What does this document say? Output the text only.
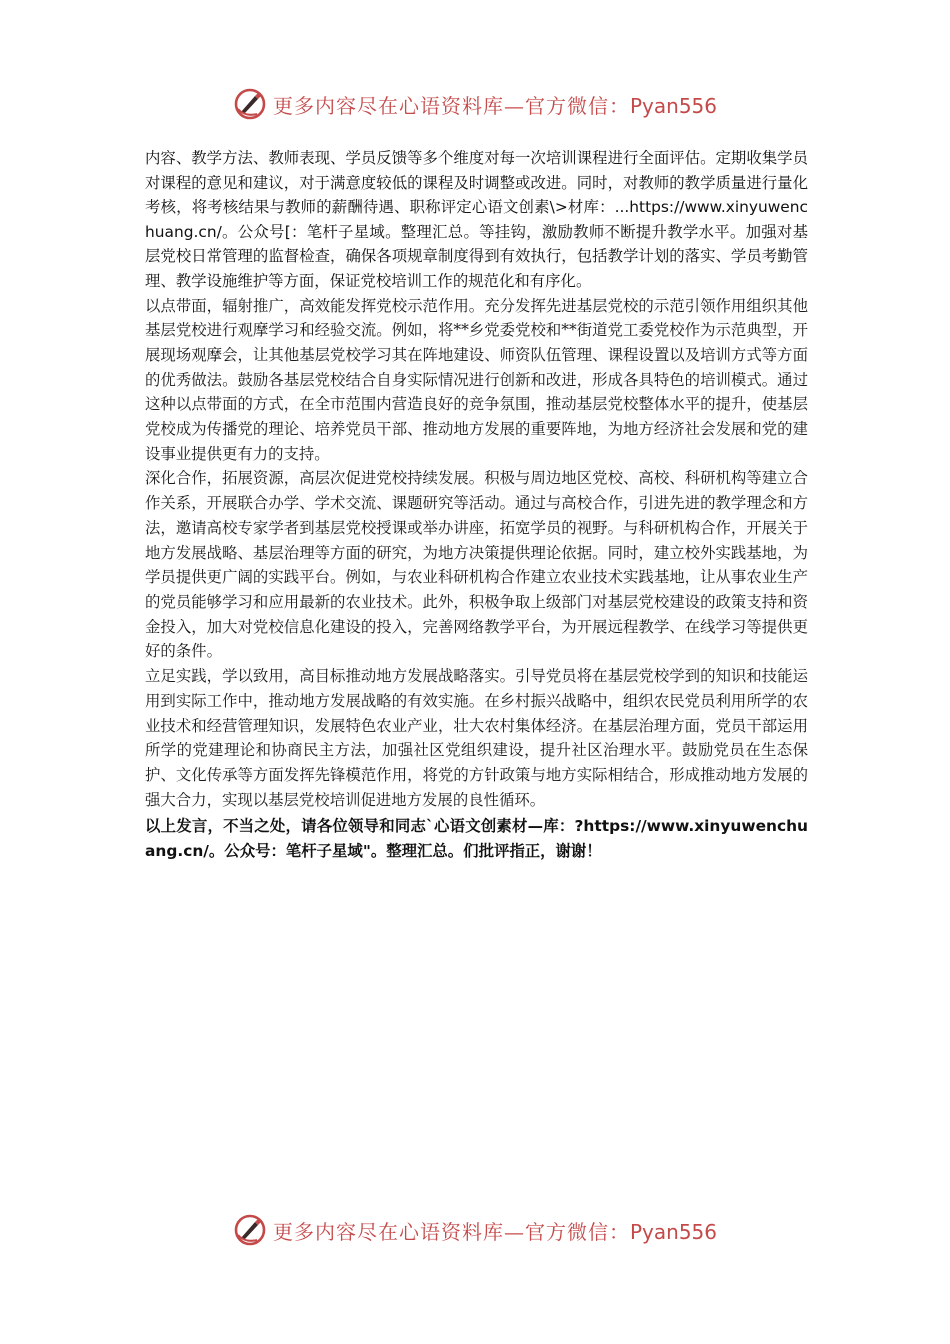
更多内容尽在心语资料库—官方微信：Pyan556

内容、教学方法、教师表现、学员反馈等多个维度对每一次培训课程进行全面评估。定期收集学员对课程的意见和建议，对于满意度较低的课程及时调整或改进。同时，对教师的教学质量进行量化考核，将考核结果与教师的薪酬待遇、职称评定心语文创素\>材库：...https://www.xinyuwenchuang.cn/。公众号[：笔杆子星域。整理汇总。等挂钩，激励教师不断提升教学水平。加强对基层党校日常管理的监督检查，确保各项规章制度得到有效执行，包括教学计划的落实、学员考勤管理、教学设施维护等方面，保证党校培训工作的规范化和有序化。

以点带面，辐射推广，高效能发挥党校示范作用。充分发挥先进基层党校的示范引领作用组织其他基层党校进行观摩学习和经验交流。例如，将**乡党委党校和**街道党工委党校作为示范典型，开展现场观摩会，让其他基层党校学习其在阵地建设、师资队伍管理、课程设置以及培训方式等方面的优秀做法。鼓励各基层党校结合自身实际情况进行创新和改进，形成各具特色的培训模式。通过这种以点带面的方式，在全市范围内营造良好的竞争氛围，推动基层党校整体水平的提升，使基层党校成为传播党的理论、培养党员干部、推动地方发展的重要阵地，为地方经济社会发展和党的建设事业提供更有力的支持。

深化合作，拓展资源，高层次促进党校持续发展。积极与周边地区党校、高校、科研机构等建立合作关系，开展联合办学、学术交流、课题研究等活动。通过与高校合作，引进先进的教学理念和方法，邀请高校专家学者到基层党校授课或举办讲座，拓宽学员的视野。与科研机构合作，开展关于地方发展战略、基层治理等方面的研究，为地方决策提供理论依据。同时，建立校外实践基地，为学员提供更广阔的实践平台。例如，与农业科研机构合作建立农业技术实践基地，让从事农业生产的党员能够学习和应用最新的农业技术。此外，积极争取上级部门对基层党校建设的政策支持和资金投入，加大对党校信息化建设的投入，完善网络教学平台，为开展远程教学、在线学习等提供更好的条件。

立足实践，学以致用，高目标推动地方发展战略落实。引导党员将在基层党校学到的知识和技能运用到实际工作中，推动地方发展战略的有效实施。在乡村振兴战略中，组织农民党员利用所学的农业技术和经营管理知识，发展特色农业产业，壮大农村集体经济。在基层治理方面，党员干部运用所学的党建理论和协商民主方法，加强社区党组织建设，提升社区治理水平。鼓励党员在生态保护、文化传承等方面发挥先锋模范作用，将党的方针政策与地方实际相结合，形成推动地方发展的强大合力，实现以基层党校培训促进地方发展的良性循环。

以上发言，不当之处，请各位领导和同志`心语文创素材—库：?https://www.xinyuwenchuang.cn/。公众号：笔杆子星域"。整理汇总。们批评指正，谢谢！

更多内容尽在心语资料库—官方微信：Pyan556
